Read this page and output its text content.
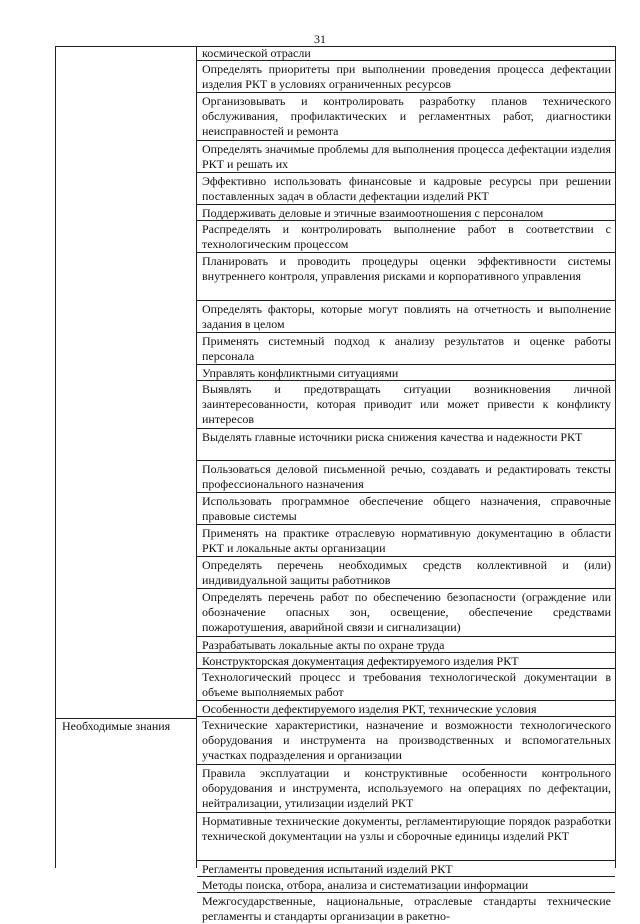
31
Необходимые знания
космической отрасли
Определять приоритеты при выполнении проведения процесса дефектации изделия РКТ в условиях ограниченных ресурсов
Организовывать и контролировать разработку планов технического обслуживания, профилактических и регламентных работ, диагностики неисправностей и ремонта
Определять значимые проблемы для выполнения процесса дефектации изделия РКТ и решать их
Эффективно использовать финансовые и кадровые ресурсы при решении поставленных задач в области дефектации изделий РКТ
Поддерживать деловые и этичные взаимоотношения с персоналом
Распределять и контролировать выполнение работ в соответствии с технологическим процессом
Планировать и проводить процедуры оценки эффективности системы внутреннего контроля, управления рисками и корпоративного управления
Определять факторы, которые могут повлиять на отчетность и выполнение задания в целом
Применять системный подход к анализу результатов и оценке работы персонала
Управлять конфликтными ситуациями
Выявлять и предотвращать ситуации возникновения личной заинтересованности, которая приводит или может привести к конфликту интересов
Выделять главные источники риска снижения качества и надежности РКТ
Пользоваться деловой письменной речью, создавать и редактировать тексты профессионального назначения
Использовать программное обеспечение общего назначения, справочные правовые системы
Применять на практике отраслевую нормативную документацию в области РКТ и локальные акты организации
Определять перечень необходимых средств коллективной и (или) индивидуальной защиты работников
Определять перечень работ по обеспечению безопасности (ограждение или обозначение опасных зон, освещение, обеспечение средствами пожаротушения, аварийной связи и сигнализации)
Разрабатывать локальные акты по охране труда
Конструкторская документация дефектируемого изделия РКТ
Технологический процесс и требования технологической документации в объеме выполняемых работ
Особенности дефектируемого изделия РКТ, технические условия
Технические характеристики, назначение и возможности технологического оборудования и инструмента на производственных и вспомогательных участках подразделения и организации
Правила эксплуатации и конструктивные особенности контрольного оборудования и инструмента, используемого на операциях по дефектации, нейтрализации, утилизации изделий РКТ
Нормативные технические документы, регламентирующие порядок разработки технической документации на узлы и сборочные единицы изделий РКТ
Регламенты проведения испытаний изделий РКТ
Методы поиска, отбора, анализа и систематизации информации
Межгосударственные, национальные, отраслевые стандарты технические регламенты и стандарты организации в ракетно-
